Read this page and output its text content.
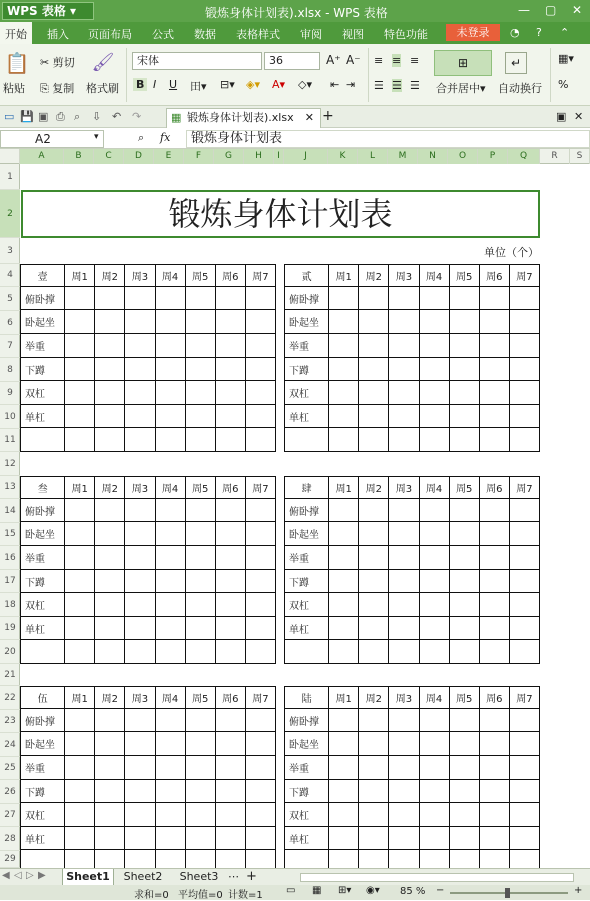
WPS 表格 ▾	锻炼身体计划表).xlsx - WPS 表格	— ▢ ✕
开始	插入 页面布局 公式 数据 表格样式 审阅 视图 特色功能	◔ ? ⌃
未登录
📋
粘贴
✂ 剪切
⎘ 复制
🖌
格式刷
宋体	36	A⁺ A⁻
B I U 田▾ ⊟▾ ◈▾ A▾ ◇▾ ⇤ ⇥
≡ ≡ ≡
☰ ☰ ☰
⊞
合并居中▾
↵
自动换行
▦▾
%
▭ 💾 ▣ ⎙ ⌕ ⇩ ↶ ↷	+	▣ ✕
锻炼身体计划表).xlsx
▦	✕
A2	▾	⌕ fx	锻炼身体计划表
A	B	C	D	E	F	G	H	I	J	K	L	M	N	O	P	Q	R	S
1
2
3
4
5
6
7
8
9
10
11
12
13
14
15
16
17
18
19
20
21
22
23
24
25
26
27
28
29
锻炼身体计划表
单位（个）
壹	周1	周2	周3	周4	周5	周6	周7
俯卧撑							
卧起坐							
举重							
下蹲							
双杠							
单杠							

贰	周1	周2	周3	周4	周5	周6	周7
俯卧撑							
卧起坐							
举重							
下蹲							
双杠							
单杠							

叁	周1	周2	周3	周4	周5	周6	周7
俯卧撑							
卧起坐							
举重							
下蹲							
双杠							
单杠							

肆	周1	周2	周3	周4	周5	周6	周7
俯卧撑							
卧起坐							
举重							
下蹲							
双杠							
单杠							

伍	周1	周2	周3	周4	周5	周6	周7
俯卧撑							
卧起坐							
举重							
下蹲							
双杠							
单杠							

陆	周1	周2	周3	周4	周5	周6	周7
俯卧撑							
卧起坐							
举重							
下蹲							
双杠							
单杠							

◀ ◁ ▷ ▶	Sheet1	Sheet2	Sheet3 ⋯ +
求和=0 平均值=0 计数=1 ▭ ▦ ⊞▾ ◉▾ 85 % −	+
